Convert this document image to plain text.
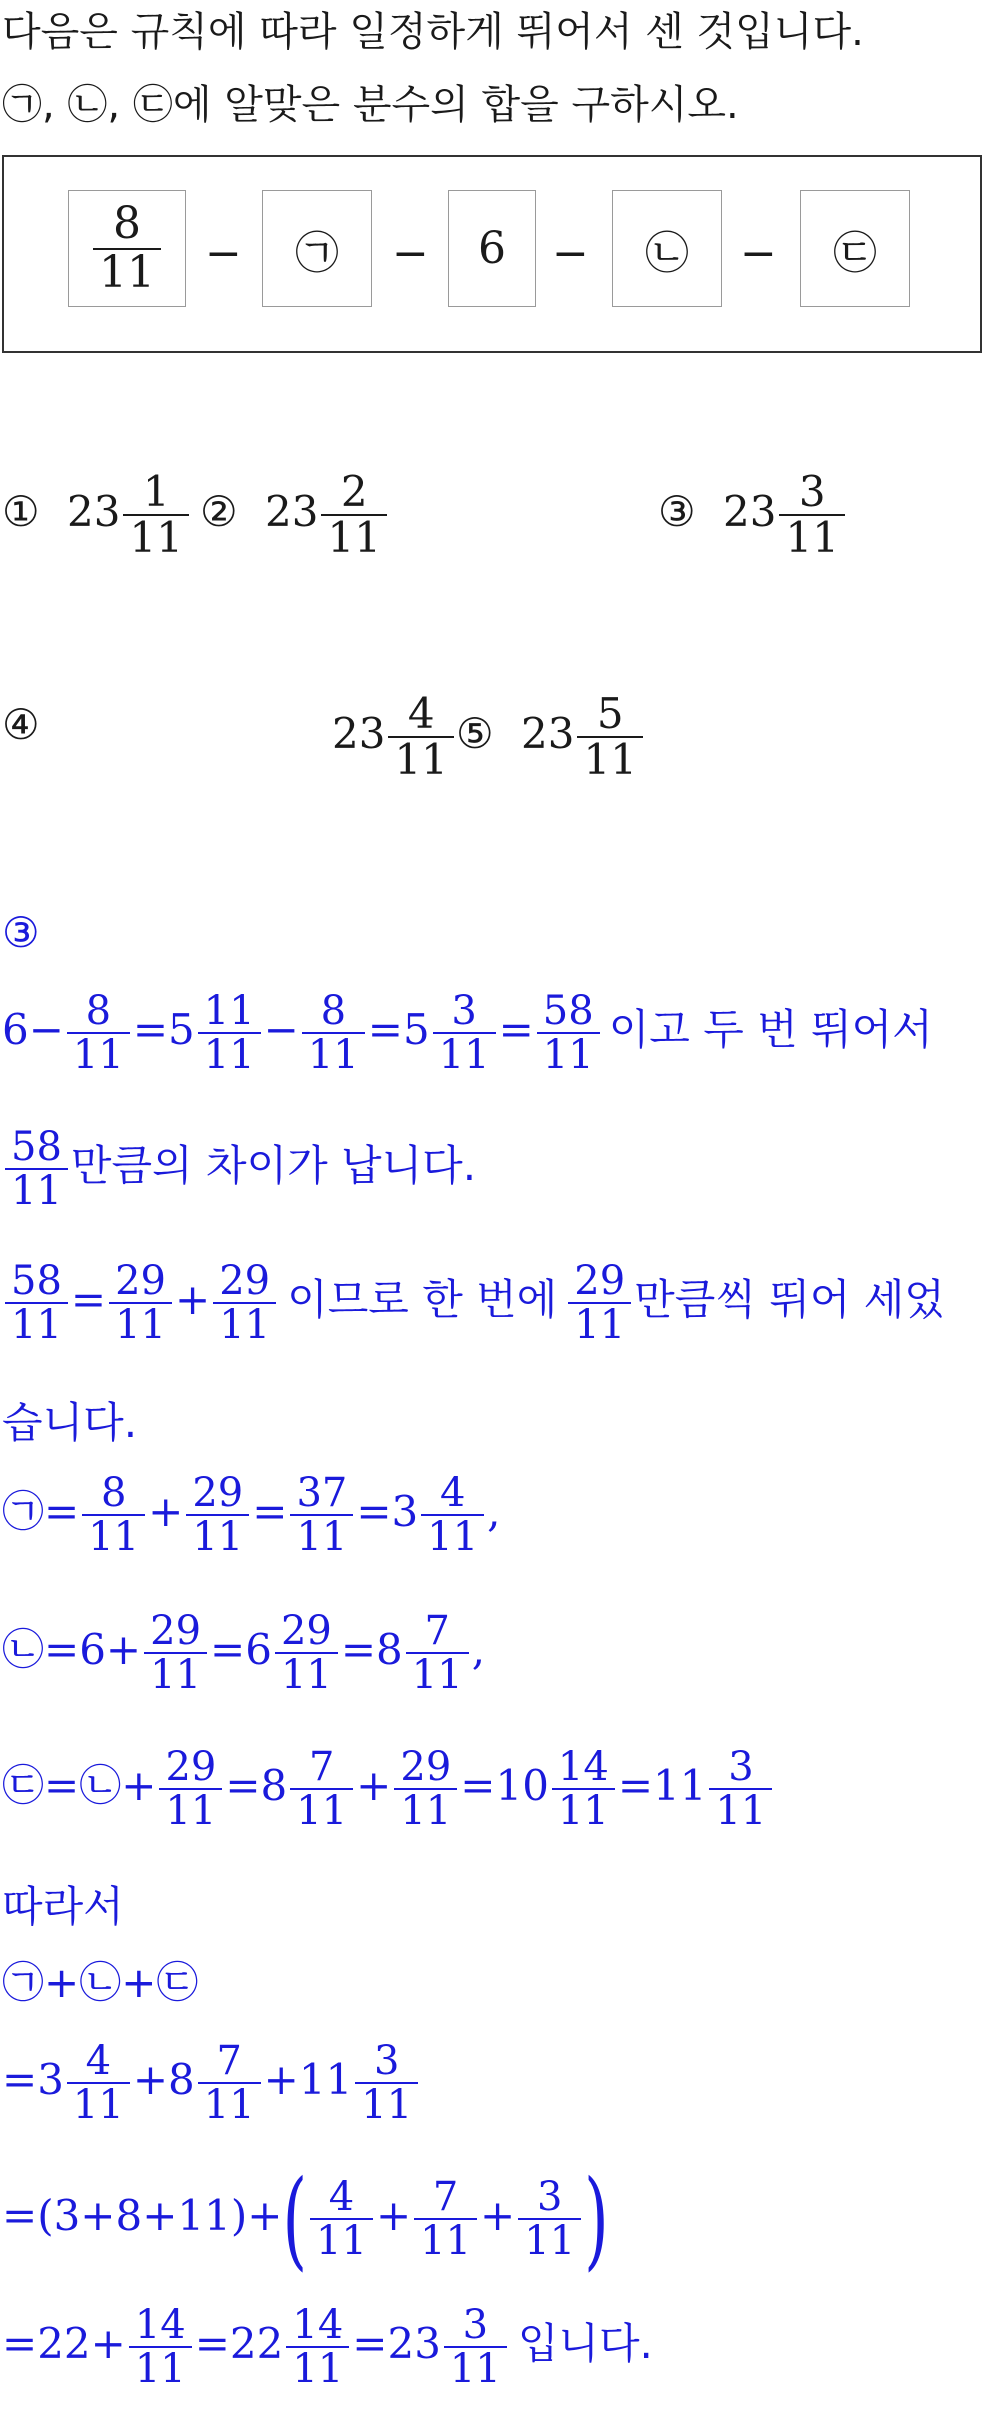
다음은 규칙에 따라 일정하게 뛰어서 센 것입니다.
㉠, ㉡, ㉢에 알맞은 분수의 합을 구하시오.
$\frac{8}{11}$ −	㉠	−	6	−	㉡	−	㉢
① $23 \frac{1}{11}$ ② $23 \frac{2}{11}$	③ $23 \frac{3}{11}$
④	$23 \frac{4}{11}$ ⑤ $23 \frac{5}{11}$
③
$6- \frac{8}{11} =5 \frac{11}{11} - \frac{8}{11} =5 \frac{3}{11} = \frac{58}{11}$ 이고 두 번 뛰어서
$\frac{58}{11}$ 만큼의 차이가 납니다.
$\frac{58}{11} = \frac{29}{11} + \frac{29}{11}$ 이므로 한 번에 $\frac{29}{11}$ 만큼씩 뛰어 세었
습니다.
㉠= $\frac{8}{11} + \frac{29}{11} = \frac{37}{11} =3 \frac{4}{11}$ ,
㉡=6+ $\frac{29}{11} =6 \frac{29}{11} =8 \frac{7}{11}$ ,
㉢=㉡+ $\frac{29}{11} =8 \frac{7}{11} + \frac{29}{11} =10 \frac{14}{11} =11 \frac{3}{11}$
따라서
㉠+㉡+㉢
$=3 \frac{4}{11} +8 \frac{7}{11} +11 \frac{3}{11}$
$=(3+8+11)+( \frac{4}{11} + \frac{7}{11} + \frac{3}{11}$ )
$=22+ \frac{14}{11} =22 \frac{14}{11} =23 \frac{3}{11}$ 입니다.
